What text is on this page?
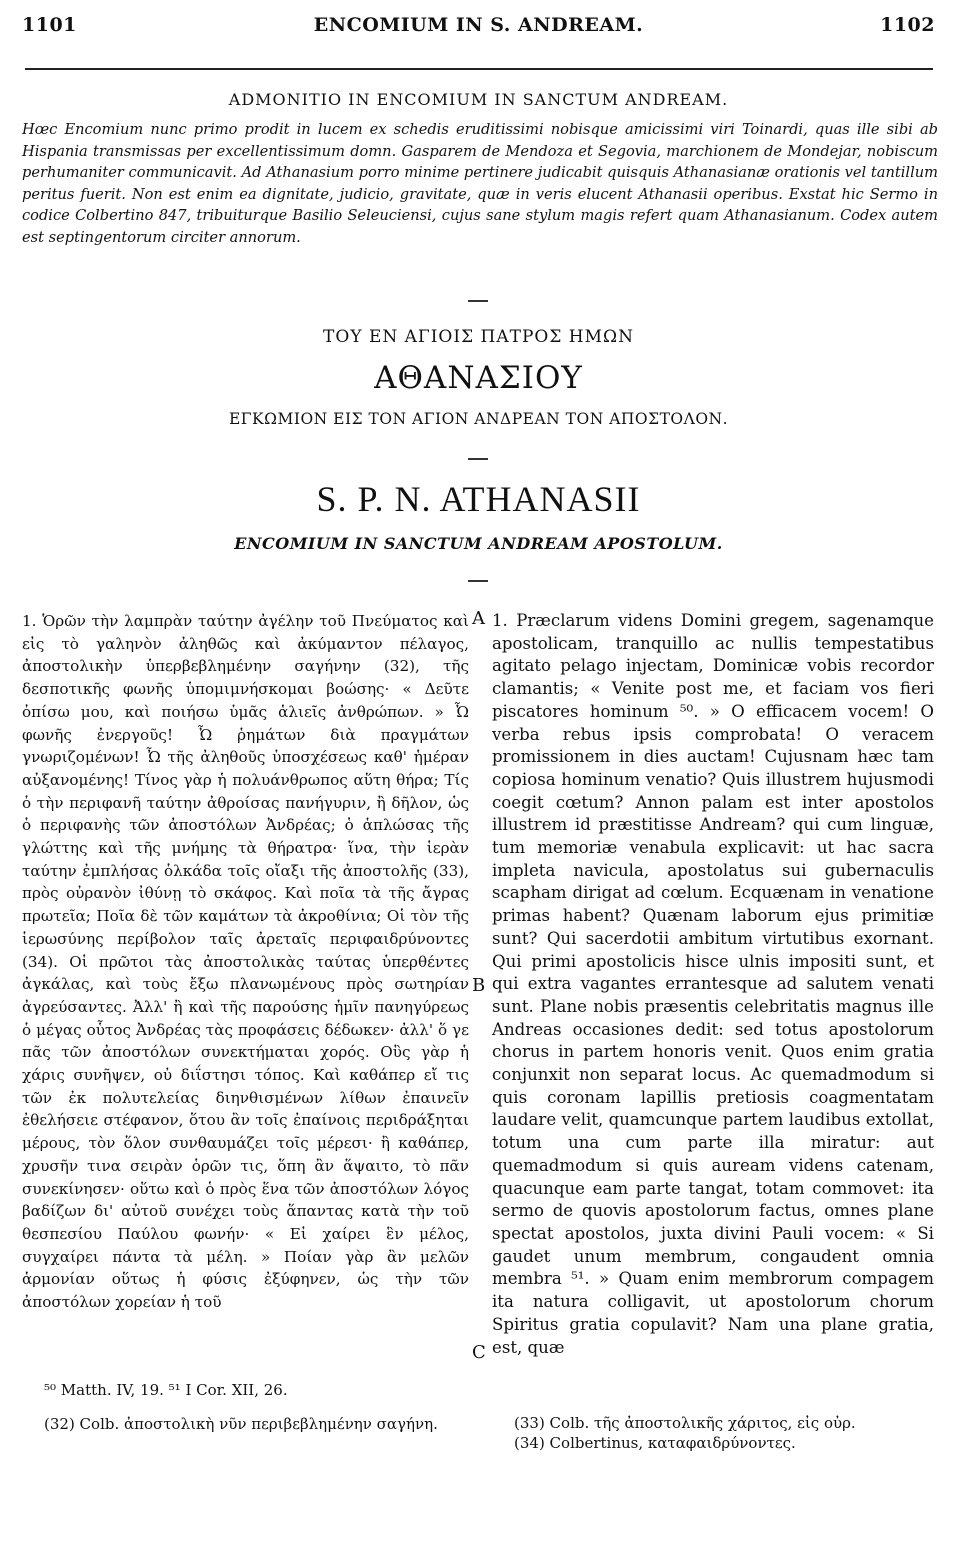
1101	ENCOMIUM IN S. ANDREAM.	1102
ADMONITIO IN ENCOMIUM IN SANCTUM ANDREAM.
Hœc Encomium nunc primo prodit in lucem ex schedis eruditissimi nobisque amicissimi viri Toinardi, quas ille sibi ab Hispania transmissas per excellentissimum domn. Gasparem de Mendoza et Segovia, marchionem de Mondejar, nobiscum perhumaniter communicavit. Ad Athanasium porro minime pertinere judicabit quisquis Athanasianæ orationis vel tantillum peritus fuerit. Non est enim ea dignitate, judicio, gravitate, quæ in veris elucent Athanasii operibus. Exstat hic Sermo in codice Colbertino 847, tribuiturque Basilio Seleuciensi, cujus sane stylum magis refert quam Athanasianum. Codex autem est septingentorum circiter annorum.
ΤΟΥ ΕΝ ΑΓΙΟΙΣ ΠΑΤΡΟΣ ΗΜΩΝ
ΑΘΑΝΑΣΙΟΥ
ΕΓΚΩΜΙΟΝ ΕΙΣ ΤΟΝ ΑΓΙΟΝ ΑΝΔΡΕΑΝ ΤΟΝ ΑΠΟΣΤΟΛΟΝ.
S. P. N. ATHANASII
ENCOMIUM IN SANCTUM ANDREAM APOSTOLUM.
1. Ὁρῶν τὴν λαμπρὰν ταύτην ἀγέλην τοῦ Πνεύματος καὶ εἰς τὸ γαληνὸν ἀληθῶς καὶ ἀκύμαντον πέλαγος, ἀποστολικὴν ὑπερβεβλημένην σαγήνην (32), τῆς δεσποτικῆς φωνῆς ὑπομιμνήσκομαι βοώσης· « Δεῦτε ὀπίσω μου, καὶ ποιήσω ὑμᾶς ἁλιεῖς ἀνθρώπων. » Ὦ φωνῆς ἐνεργοῦς! Ὦ ῥημάτων διὰ πραγμάτων γνωριζομένων! Ὦ τῆς ἀληθοῦς ὑποσχέσεως καθ' ἡμέραν αὐξανομένης! Τίνος γὰρ ἡ πολυάνθρωπος αὕτη θήρα; Τίς ὁ τὴν περιφανῆ ταύτην ἀθροίσας πανήγυριν, ἢ δῆλον, ὡς ὁ περιφανὴς τῶν ἀποστόλων Ἀνδρέας; ὁ ἁπλώσας τῆς γλώττης καὶ τῆς μνήμης τὰ θήρατρα· ἵνα, τὴν ἱερὰν ταύτην ἐμπλήσας ὁλκάδα τοῖς οἴαξι τῆς ἀποστολῆς (33), πρὸς οὐρανὸν ἰθύνῃ τὸ σκάφος. Καὶ ποῖα τὰ τῆς ἄγρας πρωτεῖα; Ποῖα δὲ τῶν καμάτων τὰ ἀκροθίνια; Οἱ τὸν τῆς ἱερωσύνης περίβολον ταῖς ἀρεταῖς περιφαιδρύνοντες (34). Οἱ πρῶτοι τὰς ἀποστολικὰς ταύτας ὑπερθέντες ἀγκάλας, καὶ τοὺς ἔξω πλανωμένους πρὸς σωτηρίαν ἀγρεύσαντες. Ἀλλ' ἢ καὶ τῆς παρούσης ἡμῖν πανηγύρεως ὁ μέγας οὗτος Ἀνδρέας τὰς προφάσεις δέδωκεν· ἀλλ' ὅ γε πᾶς τῶν ἀποστόλων συνεκτήμαται χορός. Οὓς γὰρ ἡ χάρις συνῆψεν, οὐ διΐστησι τόπος. Καὶ καθάπερ εἴ τις τῶν ἐκ πολυτελείας διηνθισμένων λίθων ἐπαινεῖν ἐθελήσειε στέφανον, ὅτου ἂν τοῖς ἐπαίνοις περιδράξηται μέρους, τὸν ὅλον συνθαυμάζει τοῖς μέρεσι· ἢ καθάπερ, χρυσῆν τινα σειρὰν ὁρῶν τις, ὅπη ἂν ἅψαιτο, τὸ πᾶν συνεκίνησεν· οὕτω καὶ ὁ πρὸς ἕνα τῶν ἀποστόλων λόγος βαδίζων δι' αὐτοῦ συνέχει τοὺς ἅπαντας κατὰ τὴν τοῦ θεσπεσίου Παύλου φωνήν· « Εἰ χαίρει ἓν μέλος, συγχαίρει πάντα τὰ μέλη. » Ποίαν γὰρ ἂν μελῶν ἁρμονίαν οὕτως ἡ φύσις ἐξύφηνεν, ὡς τὴν τῶν ἀποστόλων χορείαν ἡ τοῦ
1. Præclarum videns Domini gregem, sagenamque apostolicam, tranquillo ac nullis tempestatibus agitato pelago injectam, Dominicæ vobis recordor clamantis; « Venite post me, et faciam vos fieri piscatores hominum ⁵⁰. » O efficacem vocem! O verba rebus ipsis comprobata! O veracem promissionem in dies auctam! Cujusnam hæc tam copiosa hominum venatio? Quis illustrem hujusmodi coegit cœtum? Annon palam est inter apostolos illustrem id præstitisse Andream? qui cum linguæ, tum memoriæ venabula explicavit: ut hac sacra impleta navicula, apostolatus sui gubernaculis scapham dirigat ad cœlum. Ecquænam in venatione primas habent? Quænam laborum ejus primitiæ sunt? Qui sacerdotii ambitum virtutibus exornant. Qui primi apostolicis hisce ulnis impositi sunt, et qui extra vagantes errantesque ad salutem venati sunt. Plane nobis præsentis celebritatis magnus ille Andreas occasiones dedit: sed totus apostolorum chorus in partem honoris venit. Quos enim gratia conjunxit non separat locus. Ac quemadmodum si quis coronam lapillis pretiosis coagmentatam laudare velit, quamcunque partem laudibus extollat, totum una cum parte illa miratur: aut quemadmodum si quis auream videns catenam, quacunque eam parte tangat, totam commovet: ita sermo de quovis apostolorum factus, omnes plane spectat apostolos, juxta divini Pauli vocem: « Si gaudet unum membrum, congaudent omnia membra ⁵¹. » Quam enim membrorum compagem ita natura colligavit, ut apostolorum chorum Spiritus gratia copulavit? Nam una plane gratia, est, quæ
A
B
C
⁵⁰ Matth. IV, 19. ⁵¹ I Cor. XII, 26.
(32) Colb. ἀποστολικὴ νῦν περιβεβλημένην σαγήνη.	(33) Colb. τῆς ἀποστολικῆς χάριτος, εἰς οὐρ.
(34) Colbertinus, καταφαιδρύνοντες.
